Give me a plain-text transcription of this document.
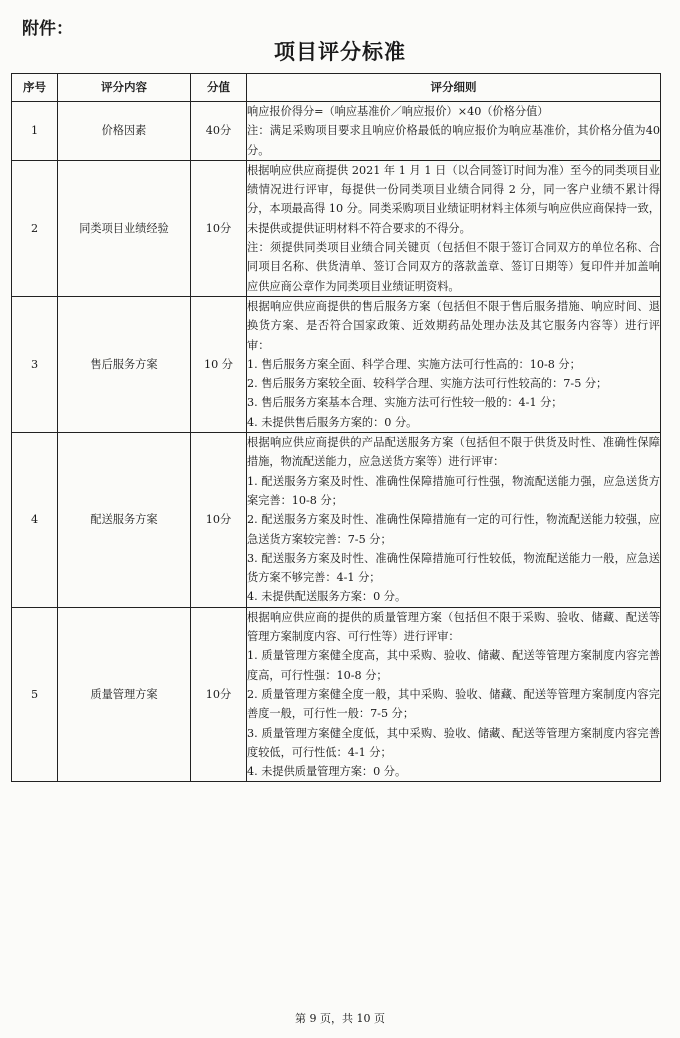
附件：
项目评分标准
序号	评分内容	分值	评分细则
1	价格因素	40分	响应报价得分=（响应基准价／响应报价）×40（价格分值）
注：满足采购项目要求且响应价格最低的响应报价为响应基准价，其价格分值为40分。

2	同类项目业绩经验	10分	根据响应供应商提供 2021 年 1 月 1 日（以合同签订时间为准）至今的同类项目业绩情况进行评审，每提供一份同类项目业绩合同得 2 分，同一客户业绩不累计得分，本项最高得 10 分。同类采购项目业绩证明材料主体须与响应供应商保持一致，未提供或提供证明材料不符合要求的不得分。
注：须提供同类项目业绩合同关键页（包括但不限于签订合同双方的单位名称、合同项目名称、供货清单、签订合同双方的落款盖章、签订日期等）复印件并加盖响应供应商公章作为同类项目业绩证明资料。

3	售后服务方案	10 分	根据响应供应商提供的售后服务方案（包括但不限于售后服务措施、响应时间、退换货方案、是否符合国家政策、近效期药品处理办法及其它服务内容等）进行评审：
1. 售后服务方案全面、科学合理、实施方法可行性高的：10-8 分；
2. 售后服务方案较全面、较科学合理、实施方法可行性较高的：7-5 分；
3. 售后服务方案基本合理、实施方法可行性较一般的：4-1 分；
4. 未提供售后服务方案的：0 分。

4	配送服务方案	10分	根据响应供应商提供的产品配送服务方案（包括但不限于供货及时性、准确性保障措施，物流配送能力，应急送货方案等）进行评审：
1. 配送服务方案及时性、准确性保障措施可行性强，物流配送能力强，应急送货方案完善：10-8 分；
2. 配送服务方案及时性、准确性保障措施有一定的可行性，物流配送能力较强，应急送货方案较完善：7-5 分；
3. 配送服务方案及时性、准确性保障措施可行性较低，物流配送能力一般，应急送货方案不够完善：4-1 分；
4. 未提供配送服务方案：0 分。

5	质量管理方案	10分	根据响应供应商的提供的质量管理方案（包括但不限于采购、验收、储藏、配送等管理方案制度内容、可行性等）进行评审：
1. 质量管理方案健全度高，其中采购、验收、储藏、配送等管理方案制度内容完善度高，可行性强：10-8 分；
2. 质量管理方案健全度一般，其中采购、验收、储藏、配送等管理方案制度内容完善度一般，可行性一般：7-5 分；
3. 质量管理方案健全度低，其中采购、验收、储藏、配送等管理方案制度内容完善度较低，可行性低：4-1 分；
4. 未提供质量管理方案：0 分。
第 9 页，共 10 页
